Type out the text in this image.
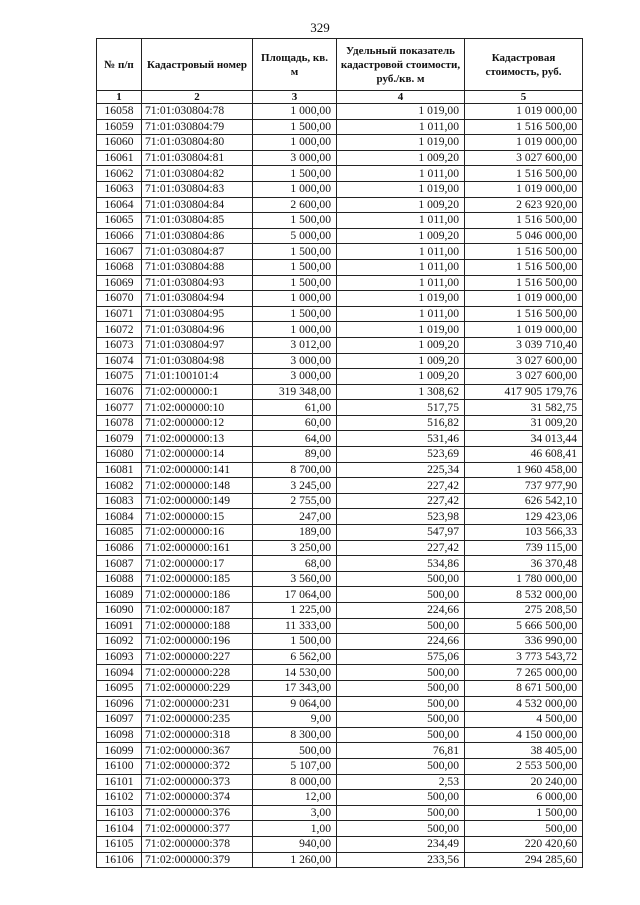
329
№ п/п	Кадастровый номер	Площадь, кв. м	Удельный показатель кадастровой стоимости, руб./кв. м	Кадастровая стоимость, руб.
1	2	3	4	5
16058	71:01:030804:78	1 000,00	1 019,00	1 019 000,00
16059	71:01:030804:79	1 500,00	1 011,00	1 516 500,00
16060	71:01:030804:80	1 000,00	1 019,00	1 019 000,00
16061	71:01:030804:81	3 000,00	1 009,20	3 027 600,00
16062	71:01:030804:82	1 500,00	1 011,00	1 516 500,00
16063	71:01:030804:83	1 000,00	1 019,00	1 019 000,00
16064	71:01:030804:84	2 600,00	1 009,20	2 623 920,00
16065	71:01:030804:85	1 500,00	1 011,00	1 516 500,00
16066	71:01:030804:86	5 000,00	1 009,20	5 046 000,00
16067	71:01:030804:87	1 500,00	1 011,00	1 516 500,00
16068	71:01:030804:88	1 500,00	1 011,00	1 516 500,00
16069	71:01:030804:93	1 500,00	1 011,00	1 516 500,00
16070	71:01:030804:94	1 000,00	1 019,00	1 019 000,00
16071	71:01:030804:95	1 500,00	1 011,00	1 516 500,00
16072	71:01:030804:96	1 000,00	1 019,00	1 019 000,00
16073	71:01:030804:97	3 012,00	1 009,20	3 039 710,40
16074	71:01:030804:98	3 000,00	1 009,20	3 027 600,00
16075	71:01:100101:4	3 000,00	1 009,20	3 027 600,00
16076	71:02:000000:1	319 348,00	1 308,62	417 905 179,76
16077	71:02:000000:10	61,00	517,75	31 582,75
16078	71:02:000000:12	60,00	516,82	31 009,20
16079	71:02:000000:13	64,00	531,46	34 013,44
16080	71:02:000000:14	89,00	523,69	46 608,41
16081	71:02:000000:141	8 700,00	225,34	1 960 458,00
16082	71:02:000000:148	3 245,00	227,42	737 977,90
16083	71:02:000000:149	2 755,00	227,42	626 542,10
16084	71:02:000000:15	247,00	523,98	129 423,06
16085	71:02:000000:16	189,00	547,97	103 566,33
16086	71:02:000000:161	3 250,00	227,42	739 115,00
16087	71:02:000000:17	68,00	534,86	36 370,48
16088	71:02:000000:185	3 560,00	500,00	1 780 000,00
16089	71:02:000000:186	17 064,00	500,00	8 532 000,00
16090	71:02:000000:187	1 225,00	224,66	275 208,50
16091	71:02:000000:188	11 333,00	500,00	5 666 500,00
16092	71:02:000000:196	1 500,00	224,66	336 990,00
16093	71:02:000000:227	6 562,00	575,06	3 773 543,72
16094	71:02:000000:228	14 530,00	500,00	7 265 000,00
16095	71:02:000000:229	17 343,00	500,00	8 671 500,00
16096	71:02:000000:231	9 064,00	500,00	4 532 000,00
16097	71:02:000000:235	9,00	500,00	4 500,00
16098	71:02:000000:318	8 300,00	500,00	4 150 000,00
16099	71:02:000000:367	500,00	76,81	38 405,00
16100	71:02:000000:372	5 107,00	500,00	2 553 500,00
16101	71:02:000000:373	8 000,00	2,53	20 240,00
16102	71:02:000000:374	12,00	500,00	6 000,00
16103	71:02:000000:376	3,00	500,00	1 500,00
16104	71:02:000000:377	1,00	500,00	500,00
16105	71:02:000000:378	940,00	234,49	220 420,60
16106	71:02:000000:379	1 260,00	233,56	294 285,60
